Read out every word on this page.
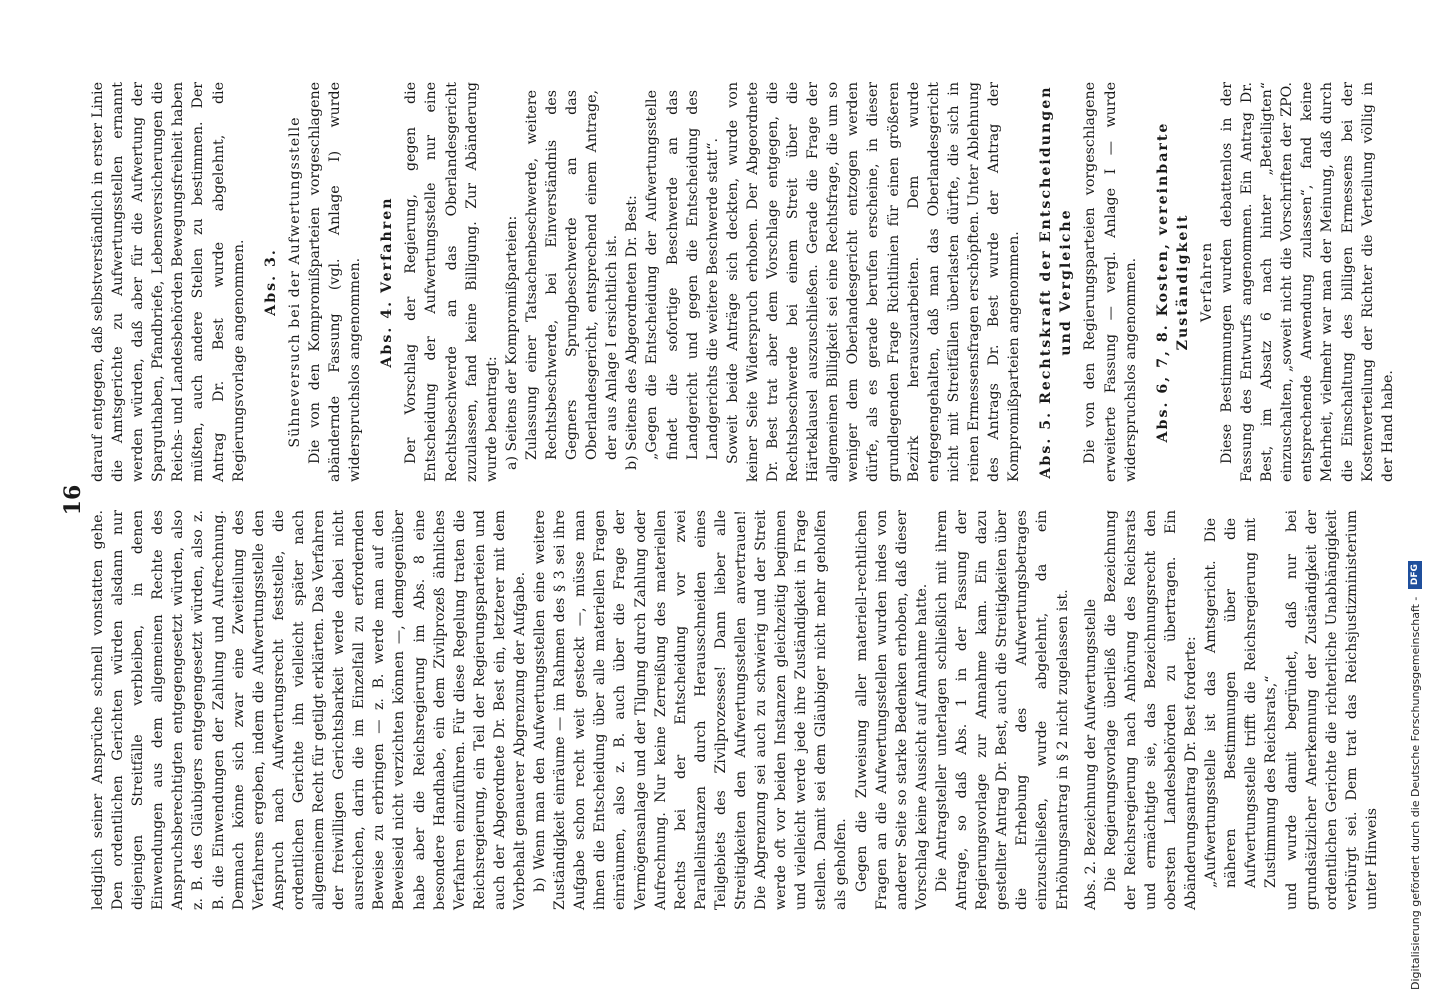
16

lediglich seiner Ansprüche schnell vonstatten gehe. Den ordentlichen Gerichten würden alsdann nur diejenigen Streitfälle verbleiben, in denen Einwendungen aus dem allgemeinen Rechte des Anspruchsberechtigten entgegengesetzt würden, also z. B. des Gläubigers entgegengesetzt würden, also z. B. die Einwendungen der Zahlung und Aufrechnung. Demnach könne sich zwar eine Zweiteilung des Verfahrens ergeben, indem die Aufwertungsstelle den Anspruch nach Aufwertungsrecht feststelle, die ordentlichen Gerichte ihn vielleicht später nach allgemeinem Recht für getilgt erklärten. Das Verfahren der freiwilligen Gerichtsbarkeit werde dabei nicht ausreichen, darin die im Einzelfall zu erfordernden Beweise zu erbringen — z. B. werde man auf den Beweiseid nicht verzichten können —, demgegenüber habe aber die Reichsregierung im Abs. 8 eine besondere Handhabe, ein dem Zivilprozeß ähnliches Verfahren einzuführen. Für diese Regelung traten die Reichsregierung, ein Teil der Regierungsparteien und auch der Abgeordnete Dr. Best ein, letzterer mit dem Vorbehalt genauerer Abgrenzung der Aufgabe. b) Wenn man den Aufwertungsstellen eine weitere Zuständigkeit einräume — im Rahmen des § 3 sei ihre Aufgabe schon recht weit gesteckt —, müsse man ihnen die Entscheidung über alle materiellen Fragen einräumen, also z. B. auch über die Frage der Vermögensanlage und der Tilgung durch Zahlung oder Aufrechnung. Nur keine Zerreißung des materiellen Rechts bei der Entscheidung vor zwei Parallelinstanzen durch Herausschneiden eines Teilgebiets des Zivilprozesses! Dann lieber alle Streitigkeiten den Aufwertungsstellen anvertrauen! Die Abgrenzung sei auch zu schwierig und der Streit werde oft vor beiden Instanzen gleichzeitig beginnen und vielleicht werde jede ihre Zuständigkeit in Frage stellen. Damit sei dem Gläubiger nicht mehr geholfen als geholfen. Gegen die Zuweisung aller materiell-rechtlichen Fragen an die Aufwertungsstellen wurden indes von anderer Seite so starke Bedenken erhoben, daß dieser Vorschlag keine Aussicht auf Annahme hatte. Die Antragsteller unterlagen schließlich mit ihrem Antrage, so daß Abs. 1 in der Fassung der Regierungsvorlage zur Annahme kam. Ein dazu gestellter Antrag Dr. Best, auch die Streitigkeiten über die Erhebung des Aufwertungsbetrages einzuschließen, wurde abgelehnt, da ein Erhöhungsantrag in § 2 nicht zugelassen ist. Abs. 2. Bezeichnung der Aufwertungsstelle Die Regierungsvorlage überließ die Bezeichnung der Reichsregierung nach Anhörung des Reichsrats und ermächtigte sie, das Bezeichnungsrecht den obersten Landesbehörden zu übertragen. Ein Abänderungsantrag Dr. Best forderte: „Aufwertungsstelle ist das Amtsgericht. Die näheren Bestimmungen über die Aufwertungsstelle trifft die Reichsregierung mit Zustimmung des Reichsrats,“ und wurde damit begründet, daß nur bei grundsätzlicher Anerkennung der Zuständigkeit der ordentlichen Gerichte die richterliche Unabhängigkeit verbürgt sei. Dem trat das Reichsjustizministerium unter Hinweis

darauf entgegen, daß selbstverständlich in erster Linie die Amtsgerichte zu Aufwertungsstellen ernannt werden würden, daß aber für die Aufwertung der Sparguthaben, Pfandbriefe, Lebensversicherungen die Reichs- und Landesbehörden Bewegungsfreiheit haben müßten, auch andere Stellen zu bestimmen. Der Antrag Dr. Best wurde abgelehnt, die Regierungsvorlage angenommen. Abs. 3. Sühneversuch bei der Aufwertungsstelle Die von den Kompromißparteien vorgeschlagene abändernde Fassung (vgl. Anlage I) wurde widerspruchslos angenommen. Abs. 4. Verfahren Der Vorschlag der Regierung, gegen die Entscheidung der Aufwertungsstelle nur eine Rechtsbeschwerde an das Oberlandesgericht zuzulassen, fand keine Billigung. Zur Abänderung wurde beantragt: a) Seitens der Kompromißparteien: Zulassung einer Tatsachenbeschwerde, weitere Rechtsbeschwerde, bei Einverständnis des Gegners Sprungbeschwerde an das Oberlandesgericht, entsprechend einem Antrage, der aus Anlage I ersichtlich ist. b) Seitens des Abgeordneten Dr. Best: „Gegen die Entscheidung der Aufwertungsstelle findet die sofortige Beschwerde an das Landgericht und gegen die Entscheidung des Landgerichts die weitere Beschwerde statt“. Soweit beide Anträge sich deckten, wurde von keiner Seite Widerspruch erhoben. Der Abgeordnete Dr. Best trat aber dem Vorschlage entgegen, die Rechtsbeschwerde bei einem Streit über die Härteklausel auszuschließen. Gerade die Frage der allgemeinen Billigkeit sei eine Rechtsfrage, die um so weniger dem Oberlandesgericht entzogen werden dürfe, als es gerade berufen erscheine, in dieser grundlegenden Frage Richtlinien für einen größeren Bezirk herauszuarbeiten. Dem wurde entgegengehalten, daß man das Oberlandesgericht nicht mit Streitfällen überlasten dürfte, die sich in reinen Ermessensfragen erschöpften. Unter Ablehnung des Antrags Dr. Best wurde der Antrag der Kompromißparteien angenommen. Abs. 5. Rechtskraft der Entscheidungen und Vergleiche Die von den Regierungsparteien vorgeschlagene erweiterte Fassung — vergl. Anlage I — wurde widerspruchslos angenommen. Abs. 6, 7, 8. Kosten, vereinbarte Zuständigkeit Verfahren Diese Bestimmungen wurden debattenlos in der Fassung des Entwurfs angenommen. Ein Antrag Dr. Best, im Absatz 6 nach hinter „Beteiligten“ einzuschalten, „soweit nicht die Vorschriften der ZPO. entsprechende Anwendung zulassen“, fand keine Mehrheit, vielmehr war man der Meinung, daß durch die Einschaltung des billigen Ermessens bei der Kostenverteilung der Richter die Verteilung völlig in der Hand habe.

Digitalisierung gefördert durch die Deutsche Forschungsgemeinschaft -
DFG
